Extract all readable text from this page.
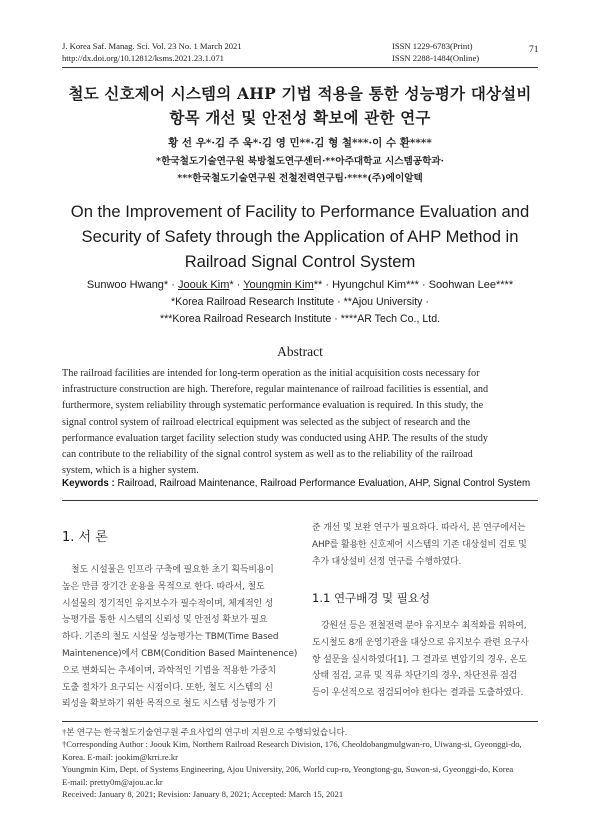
J. Korea Saf. Manag. Sci. Vol. 23 No. 1 March 2021
http://dx.doi.org/10.12812/ksms.2021.23.1.071
ISSN 1229-6783(Print)
ISSN 2288-1484(Online)
71
철도 신호제어 시스템의 AHP 기법 적용을 통한 성능평가 대상설비
항목 개선 및 안전성 확보에 관한 연구
황 선 우*·김 주 욱*·김 영 민**·김 형 철***·이 수 환****
*한국철도기술연구원 북방철도연구센터·**아주대학교 시스템공학과·
***한국철도기술연구원 전철전력연구팀·****(주)에이알텍
On the Improvement of Facility to Performance Evaluation and
Security of Safety through the Application of AHP Method in
Railroad Signal Control System
Sunwoo Hwang* · Joouk Kim* · Youngmin Kim** · Hyungchul Kim*** · Soohwan Lee****
*Korea Railroad Research Institute · **Ajou University ·
***Korea Railroad Research Institute · ****AR Tech Co., Ltd.
Abstract
The railroad facilities are intended for long-term operation as the initial acquisition costs necessary for
infrastructure construction are high. Therefore, regular maintenance of railroad facilities is essential, and
furthermore, system reliability through systematic performance evaluation is required. In this study, the
signal control system of railroad electrical equipment was selected as the subject of research and the
performance evaluation target facility selection study was conducted using AHP. The results of the study
can contribute to the reliability of the signal control system as well as to the reliability of the railroad
system, which is a higher system.
Keywords : Railroad, Railroad Maintenance, Railroad Performance Evaluation, AHP, Signal Control System
1. 서 론
철도 시설물은 인프라 구축에 필요한 초기 획득비용이
높은 만큼 장기간 운용을 목적으로 한다. 따라서, 철도
시설물의 정기적인 유지보수가 필수적이며, 체계적인 성
능평가를 통한 시스템의 신뢰성 및 안전성 확보가 필요
하다. 기존의 철도 시설물 성능평가는 TBM(Time Based
Maintenence)에서 CBM(Condition Based Maintenence)
으로 변화되는 추세이며, 과학적인 기법을 적용한 가중치
도출 절차가 요구되는 시점이다. 또한, 철도 시스템의 신
뢰성을 확보하기 위한 목적으로 철도 시스템 성능평가 기
준 개선 및 보완 연구가 필요하다. 따라서, 본 연구에서는
AHP를 활용한 신호제어 시스템의 기존 대상설비 검토 및
추가 대상설비 선정 연구를 수행하였다.
1.1 연구배경 및 필요성
강원선 등은 전철전력 분야 유지보수 최적화를 위하여,
도시철도 8개 운영기관을 대상으로 유지보수 관련 요구사
항 설문을 실시하였다[1]. 그 결과로 변압기의 경우, 온도
상태 점검, 교류 및 직류 차단기의 경우, 차단전류 점검
등이 우선적으로 점검되어야 한다는 결과를 도출하였다.
†본 연구는 한국철도기술연구원 주요사업의 연구비 지원으로 수행되었습니다.
†Corresponding Author : Joouk Kim, Northern Railroad Research Division, 176, Cheoldobangmulgwan-ro, Uiwang-si, Gyeonggi-do,
Korea. E-mail: jookim@krri.re.kr
Youngmin Kim, Dept. of Systems Engineering, Ajou University, 206, World cup-ro, Yeongtong-gu, Suwon-si, Gyeonggi-do, Korea
E-mail: pretty0m@ajou.ac.kr
Received: January 8, 2021; Revision: January 8, 2021; Accepted: March 15, 2021
